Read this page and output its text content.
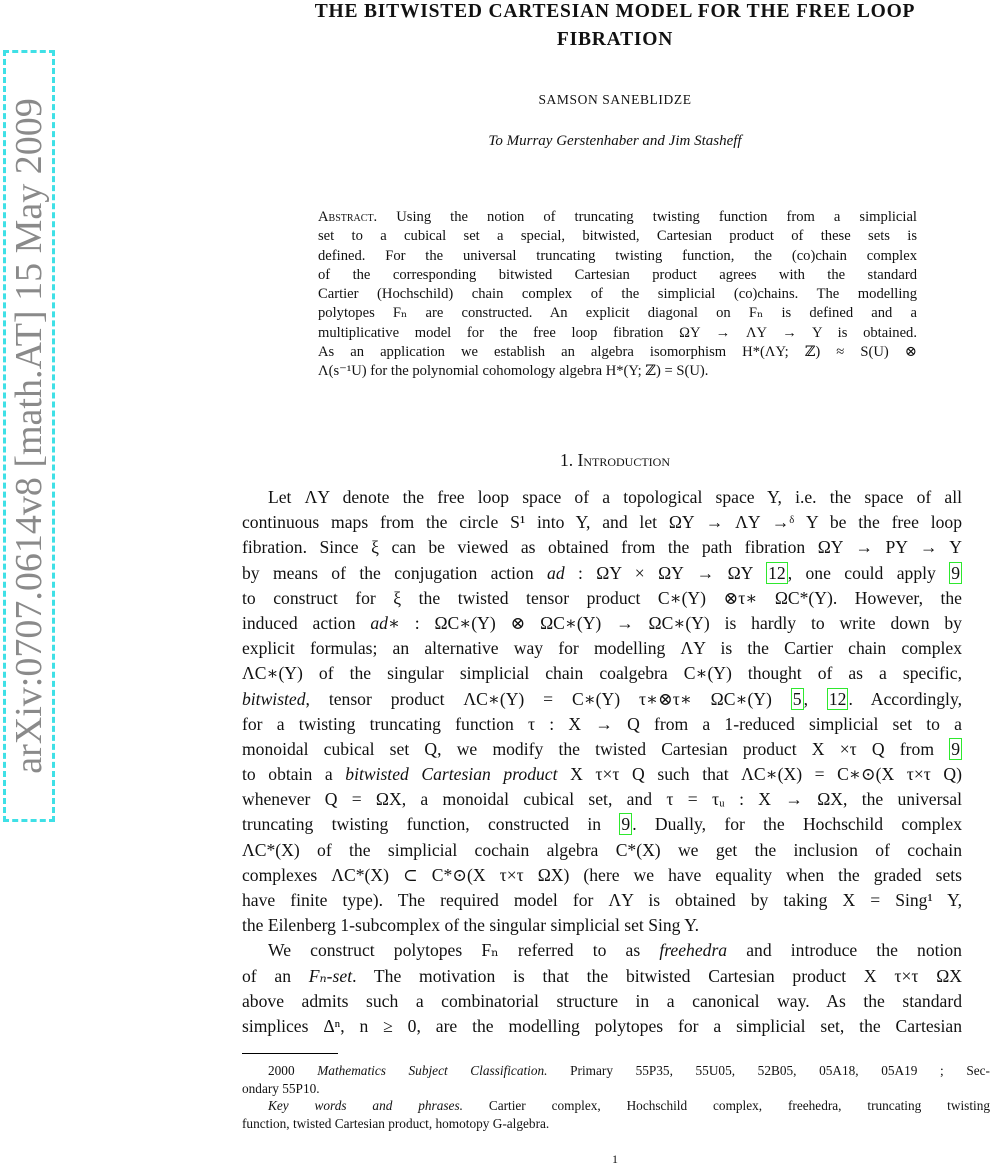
arXiv:0707.0614v8 [math.AT] 15 May 2009
THE BITWISTED CARTESIAN MODEL FOR THE FREE LOOP
FIBRATION
SAMSON SANEBLIDZE
To Murray Gerstenhaber and Jim Stasheff
Abstract. Using the notion of truncating twisting function from a simplicial
set to a cubical set a special, bitwisted, Cartesian product of these sets is
defined. For the universal truncating twisting function, the (co)chain complex
of the corresponding bitwisted Cartesian product agrees with the standard
Cartier (Hochschild) chain complex of the simplicial (co)chains. The modelling
polytopes Fₙ are constructed. An explicit diagonal on Fₙ is defined and a
multiplicative model for the free loop fibration ΩY → ΛY → Y is obtained.
As an application we establish an algebra isomorphism H*(ΛY; ℤ) ≈ S(U) ⊗
Λ(s⁻¹U) for the polynomial cohomology algebra H*(Y; ℤ) = S(U).
1. Introduction
Let ΛY denote the free loop space of a topological space Y, i.e. the space of all
continuous maps from the circle S¹ into Y, and let ΩY → ΛY →ᵟ Y be the free loop
fibration. Since ξ can be viewed as obtained from the path fibration ΩY → PY → Y
by means of the conjugation action ad : ΩY × ΩY → ΩY 12 , one could apply 9
to construct for ξ the twisted tensor product C∗(Y) ⊗τ∗ ΩC*(Y). However, the
induced action ad∗ : ΩC∗(Y) ⊗ ΩC∗(Y) → ΩC∗(Y) is hardly to write down by
explicit formulas; an alternative way for modelling ΛY is the Cartier chain complex
ΛC∗(Y) of the singular simplicial chain coalgebra C∗(Y) thought of as a specific,
bitwisted, tensor product ΛC∗(Y) = C∗(Y) τ∗⊗τ∗ ΩC∗(Y) 5 , 12 . Accordingly,
for a twisting truncating function τ : X → Q from a 1-reduced simplicial set to a
monoidal cubical set Q, we modify the twisted Cartesian product X ×τ Q from 9
to obtain a bitwisted Cartesian product X τ×τ Q such that ΛC∗(X) = C∗⊙(X τ×τ Q)
whenever Q = ΩX, a monoidal cubical set, and τ = τᵤ : X → ΩX, the universal
truncating twisting function, constructed in 9 . Dually, for the Hochschild complex
ΛC*(X) of the simplicial cochain algebra C*(X) we get the inclusion of cochain
complexes ΛC*(X) ⊂ C*⊙(X τ×τ ΩX) (here we have equality when the graded sets
have finite type). The required model for ΛY is obtained by taking X = Sing¹ Y,
the Eilenberg 1-subcomplex of the singular simplicial set Sing Y.
We construct polytopes Fₙ referred to as freehedra and introduce the notion
of an Fₙ-set. The motivation is that the bitwisted Cartesian product X τ×τ ΩX
above admits such a combinatorial structure in a canonical way. As the standard
simplices Δⁿ, n ≥ 0, are the modelling polytopes for a simplicial set, the Cartesian
2000 Mathematics Subject Classification. Primary 55P35, 55U05, 52B05, 05A18, 05A19 ; Sec-
ondary 55P10.
Key words and phrases. Cartier complex, Hochschild complex, freehedra, truncating twisting
function, twisted Cartesian product, homotopy G-algebra.
1
